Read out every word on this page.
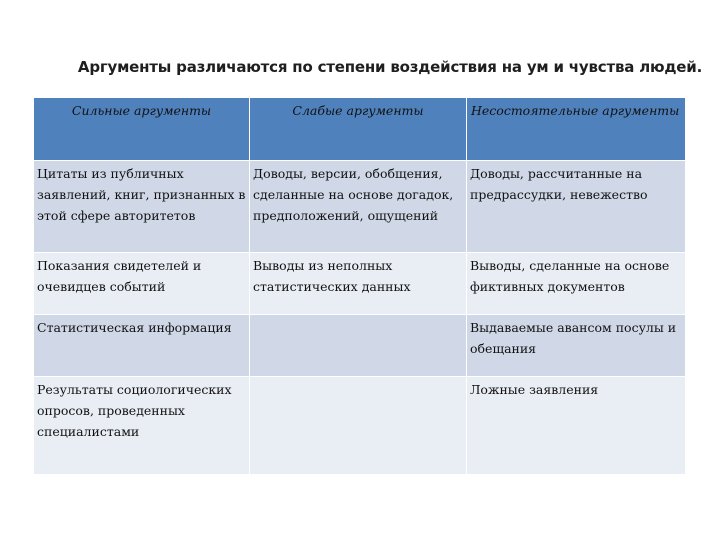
Аргументы различаются по степени воздействия на ум и чувства людей.
Сильные аргументы	Слабые аргументы	Несостоятельные аргументы
Цитаты из публичных заявлений, книг, признанных в этой сфере авторитетов	Доводы, версии, обобщения, сделанные на основе догадок, предположений, ощущений	Доводы, рассчитанные на предрассудки, невежество
Показания свидетелей и очевидцев событий	Выводы из неполных статистических данных	Выводы, сделанные на основе фиктивных документов
Статистическая информация		Выдаваемые авансом посулы и обещания
Результаты социологических опросов, проведенных специалистами		Ложные заявления
